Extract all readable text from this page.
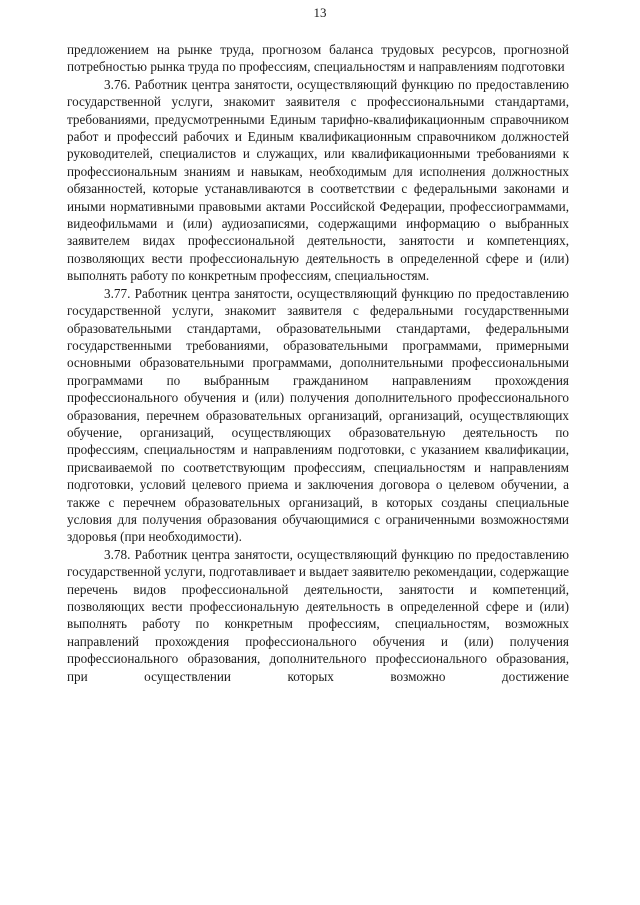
13

предложением на рынке труда, прогнозом баланса трудовых ресурсов, прогнозной потребностью рынка труда по профессиям, специальностям и направлениям подготовки

3.76. Работник центра занятости, осуществляющий функцию по предоставлению государственной услуги, знакомит заявителя с профессиональными стандартами, требованиями, предусмотренными Единым тарифно-квалификационным справочником работ и профессий рабочих и Единым квалификационным справочником должностей руководителей, специалистов и служащих, или квалификационными требованиями к профессиональным знаниям и навыкам, необходимым для исполнения должностных обязанностей, которые устанавливаются в соответствии с федеральными законами и иными нормативными правовыми актами Российской Федерации, профессиограммами, видеофильмами и (или) аудиозаписями, содержащими информацию о выбранных заявителем видах профессиональной деятельности, занятости и компетенциях, позволяющих вести профессиональную деятельность в определенной сфере и (или) выполнять работу по конкретным профессиям, специальностям.

3.77. Работник центра занятости, осуществляющий функцию по предоставлению государственной услуги, знакомит заявителя с федеральными государственными образовательными стандартами, образовательными стандартами, федеральными государственными требованиями, образовательными программами, примерными основными образовательными программами, дополнительными профессиональными программами по выбранным гражданином направлениям прохождения профессионального обучения и (или) получения дополнительного профессионального образования, перечнем образовательных организаций, организаций, осуществляющих обучение, организаций, осуществляющих образовательную деятельность по профессиям, специальностям и направлениям подготовки, с указанием квалификации, присваиваемой по соответствующим профессиям, специальностям и направлениям подготовки, условий целевого приема и заключения договора о целевом обучении, а также с перечнем образовательных организаций, в которых созданы специальные условия для получения образования обучающимися с ограниченными возможностями здоровья (при необходимости).

3.78. Работник центра занятости, осуществляющий функцию по предоставлению государственной услуги, подготавливает и выдает заявителю рекомендации, содержащие перечень видов профессиональной деятельности, занятости и компетенций, позволяющих вести профессиональную деятельность в определенной сфере и (или) выполнять работу по конкретным профессиям, специальностям, возможных направлений прохождения профессионального обучения и (или) получения профессионального образования, дополнительного профессионального образования, при осуществлении которых возможно достижение
